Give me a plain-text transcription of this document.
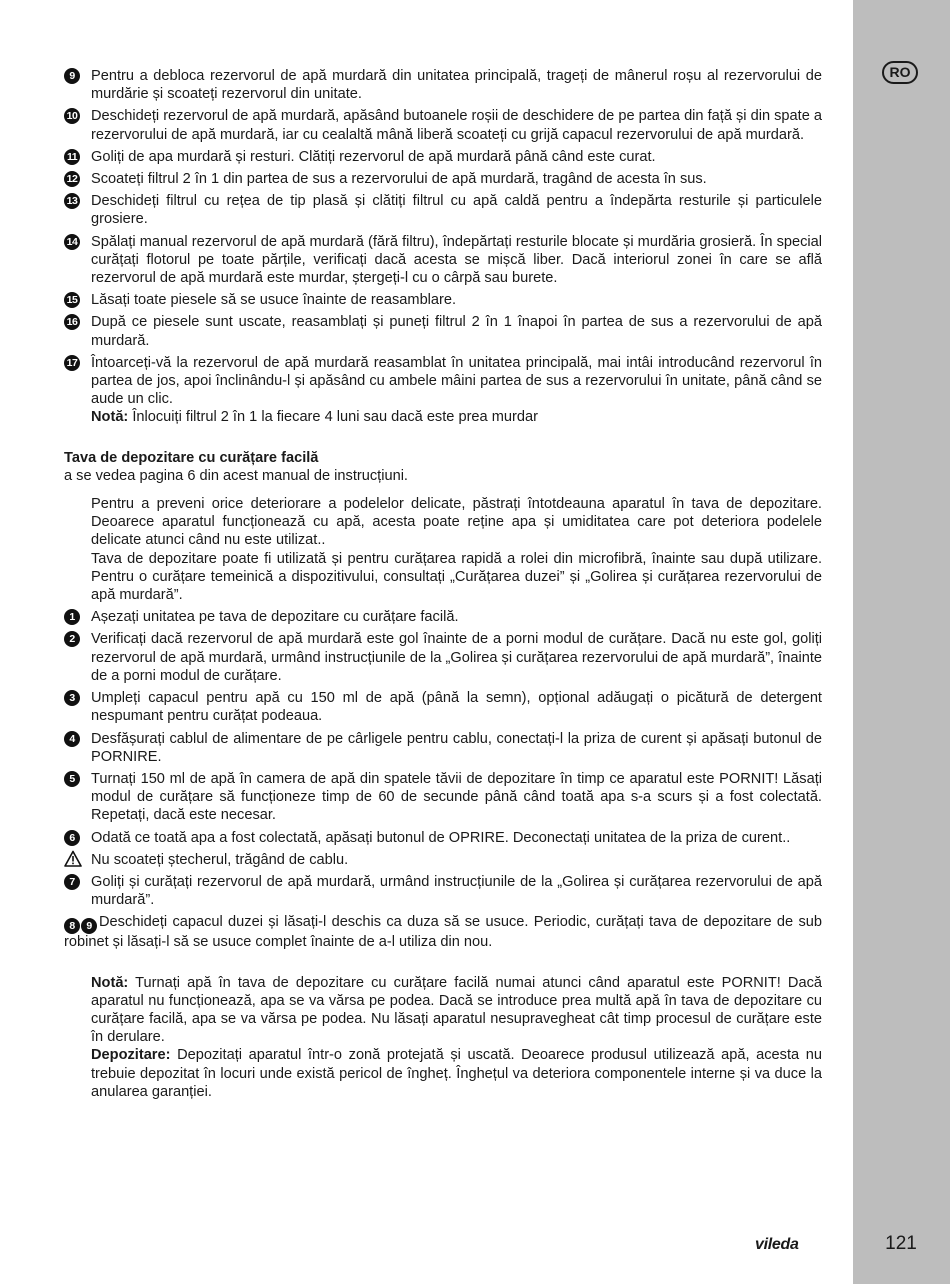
RO
121
vileda
9	Pentru a debloca rezervorul de apă murdară din unitatea principală, trageți de mânerul roșu al rezervorului de murdărie și scoateți rezervorul din unitate.
10 Deschideți rezervorul de apă murdară, apăsând butoanele roșii de deschidere de pe partea din față și din spate a rezervorului de apă murdară, iar cu cealaltă mână liberă scoateți cu grijă capacul rezervorului de apă murdară.
11 Goliți de apa murdară și resturi. Clătiți rezervorul de apă murdară până când este curat.
12 Scoateți filtrul 2 în 1 din partea de sus a rezervorului de apă murdară, tragând de acesta în sus.
13 Deschideți filtrul cu rețea de tip plasă și clătiți filtrul cu apă caldă pentru a îndepărta resturile și particulele grosiere.
14 Spălați manual rezervorul de apă murdară (fără filtru), îndepărtați resturile blocate și murdăria grosieră. În special curățați flotorul pe toate părțile, verificați dacă acesta se mișcă liber. Dacă interiorul zonei în care se află rezervorul de apă murdară este murdar, ștergeți-l cu o cârpă sau burete.
15 Lăsați toate piesele să se usuce înainte de reasamblare.
16 După ce piesele sunt uscate, reasamblați și puneți filtrul 2 în 1 înapoi în partea de sus a rezervorului de apă murdară.
17 Întoarceți-vă la rezervorul de apă murdară reasamblat în unitatea principală, mai intâi introducând rezervorul în partea de jos, apoi înclinându-l și apăsând cu ambele mâini partea de sus a rezervorului în unitate, până când se aude un clic.
Notă: Înlocuiți filtrul 2 în 1 la fiecare 4 luni sau dacă este prea murdar
Tava de depozitare cu curățare facilă
a se vedea pagina 6 din acest manual de instrucțiuni.
Pentru a preveni orice deteriorare a podelelor delicate, păstrați întotdeauna aparatul în tava de depozitare. Deoarece aparatul funcționează cu apă, acesta poate reține apa și umiditatea care pot deteriora podelele delicate atunci când nu este utilizat..
Tava de depozitare poate fi utilizată și pentru curățarea rapidă a rolei din microfibră, înainte sau după utilizare. Pentru o curățare temeinică a dispozitivului, consultați „Curățarea duzei” și „Golirea și curățarea rezervorului de apă murdară”.
1	Așezați unitatea pe tava de depozitare cu curățare facilă.
2	Verificați dacă rezervorul de apă murdară este gol înainte de a porni modul de curățare. Dacă nu este gol, goliți rezervorul de apă murdară, urmând instrucțiunile de la „Golirea și curățarea rezervorului de apă murdară”, înainte de a porni modul de curățare.
3	Umpleți capacul pentru apă cu 150 ml de apă (până la semn), opțional adăugați o picătură de detergent nespumant pentru curățat podeaua.
4	Desfășurați cablul de alimentare de pe cârligele pentru cablu, conectați-l la priza de curent și apăsați butonul de PORNIRE.
5	Turnați 150 ml de apă în camera de apă din spatele tăvii de depozitare în timp ce aparatul este PORNIT! Lăsați modul de curățare să funcționeze timp de 60 de secunde până când toată apa s-a scurs și a fost colectată. Repetați, dacă este necesar.
6	Odată ce toată apa a fost colectată, apăsați butonul de OPRIRE. Deconectați unitatea de la priza de curent..
Nu scoateți ștecherul, trăgând de cablu.
7	Goliți și curățați rezervorul de apă murdară, urmând instrucțiunile de la „Golirea și curățarea rezervorului de apă murdară”.
8 9 Deschideți capacul duzei și lăsați-l deschis ca duza să se usuce. Periodic, curățați tava de depozitare de sub robinet și lăsați-l să se usuce complet înainte de a-l utiliza din nou.
Notă: Turnați apă în tava de depozitare cu curățare facilă numai atunci când aparatul este PORNIT! Dacă aparatul nu funcționează, apa se va vărsa pe podea. Dacă se introduce prea multă apă în tava de depozitare cu curățare facilă, apa se va vărsa pe podea. Nu lăsați aparatul nesupravegheat cât timp procesul de curățare este în derulare.
Depozitare: Depozitați aparatul într-o zonă protejată și uscată. Deoarece produsul utilizează apă, acesta nu trebuie depozitat în locuri unde există pericol de îngheț. Înghețul va deteriora componentele interne și va duce la anularea garanției.
